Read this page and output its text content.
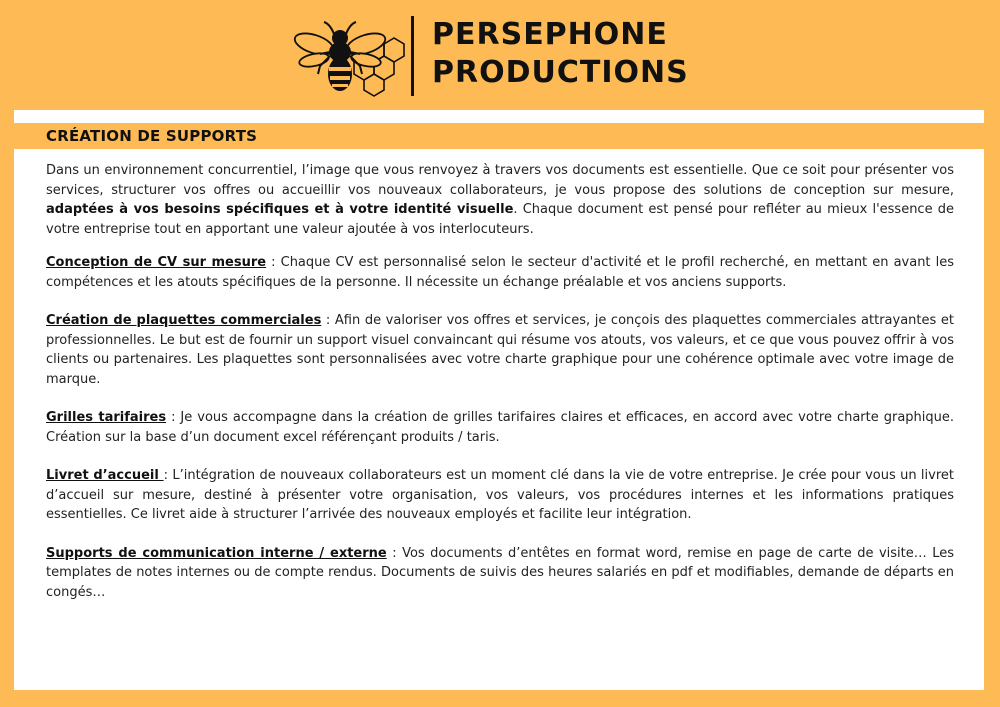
PERSEPHONE
PRODUCTIONS
CRÉATION DE SUPPORTS

Dans un environnement concurrentiel, l’image que vous renvoyez à travers vos documents est essentielle. Que ce soit pour présenter vos services, structurer vos offres ou accueillir vos nouveaux collaborateurs, je vous propose des solutions de conception sur mesure, adaptées à vos besoins spécifiques et à votre identité visuelle. Chaque document est pensé pour refléter au mieux l'essence de votre entreprise tout en apportant une valeur ajoutée à vos interlocuteurs.

Conception de CV sur mesure : Chaque CV est personnalisé selon le secteur d'activité et le profil recherché, en mettant en avant les compétences et les atouts spécifiques de la personne. Il nécessite un échange préalable et vos anciens supports.

Création de plaquettes commerciales : Afin de valoriser vos offres et services, je conçois des plaquettes commerciales attrayantes et professionnelles. Le but est de fournir un support visuel convaincant qui résume vos atouts, vos valeurs, et ce que vous pouvez offrir à vos clients ou partenaires. Les plaquettes sont personnalisées avec votre charte graphique pour une cohérence optimale avec votre image de marque.

Grilles tarifaires : Je vous accompagne dans la création de grilles tarifaires claires et efficaces, en accord avec votre charte graphique. Création sur la base d’un document excel référençant produits / taris.

Livret d’accueil : L’intégration de nouveaux collaborateurs est un moment clé dans la vie de votre entreprise. Je crée pour vous un livret d’accueil sur mesure, destiné à présenter votre organisation, vos valeurs, vos procédures internes et les informations pratiques essentielles. Ce livret aide à structurer l’arrivée des nouveaux employés et facilite leur intégration.

Supports de communication interne / externe : Vos documents d’entêtes en format word, remise en page de carte de visite… Les templates de notes internes ou de compte rendus. Documents de suivis des heures salariés en pdf et modifiables, demande de départs en congés…
